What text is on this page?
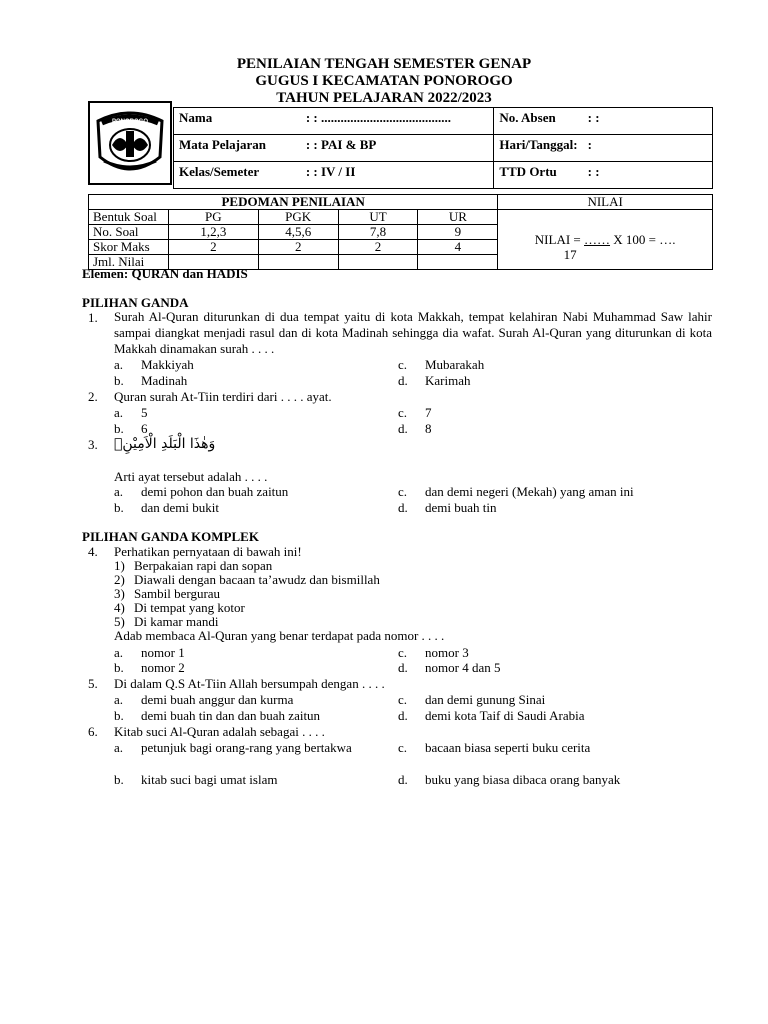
PENILAIAN TENGAH SEMESTER GENAP
GUGUS I KECAMATAN PONOROGO
TAHUN PELAJARAN 2022/2023
PONOROGO Nama	: : ........................................	No. Absen	: :
Mata Pelajaran	: : PAI & BP	Hari/Tanggal:	:
Kelas/Semeter	: : IV / II	TTD Ortu	: :
PEDOMAN PENILAIAN					NILAI
Bentuk Soal	PG	PGK	UT	UR	NILAI = …… X 100 = ….
17

No. Soal	1,2,3	4,5,6	7,8	9	
Skor Maks	2	2	2	4	
Jml. Nilai					
Elemen: QURAN dan HADIS
PILIHAN GANDA
1. Surah Al-Quran diturunkan di dua tempat yaitu di kota Makkah, tempat kelahiran Nabi Muhammad Saw lahir sampai diangkat menjadi rasul dan di kota Madinah sehingga dia wafat. Surah Al-Quran yang diturunkan di kota Makkah dinamakan surah . . . .
a. Makkiyah	c. Mubarakah
b. Madinah	d. Karimah
2. Quran surah At-Tiin terdiri dari . . . . ayat.
a. 5	c. 7
b. 6	d. 8
3. وَهٰذَا الْبَلَدِ الْاَمِيْنِۙ
Arti ayat tersebut adalah . . . .
a. demi pohon dan buah zaitun	c. dan demi negeri (Mekah) yang aman ini
b. dan demi bukit	d. demi buah tin
PILIHAN GANDA KOMPLEK
4. Perhatikan pernyataan di bawah ini!
1) Berpakaian rapi dan sopan
2) Diawali dengan bacaan ta’awudz dan bismillah
3) Sambil bergurau
4) Di tempat yang kotor
5) Di kamar mandi
Adab membaca Al-Quran yang benar terdapat pada nomor . . . .
a. nomor 1	c. nomor 3
b. nomor 2	d. nomor 4 dan 5
5. Di dalam Q.S At-Tiin Allah bersumpah dengan . . . .
a. demi buah anggur dan kurma	c. dan demi gunung Sinai
b. demi buah tin dan dan buah zaitun	d. demi kota Taif di Saudi Arabia
6. Kitab suci Al-Quran adalah sebagai . . . .
a. petunjuk bagi orang-rang yang bertakwa	c. bacaan biasa seperti buku cerita
b. kitab suci bagi umat islam	d. buku yang biasa dibaca orang banyak
